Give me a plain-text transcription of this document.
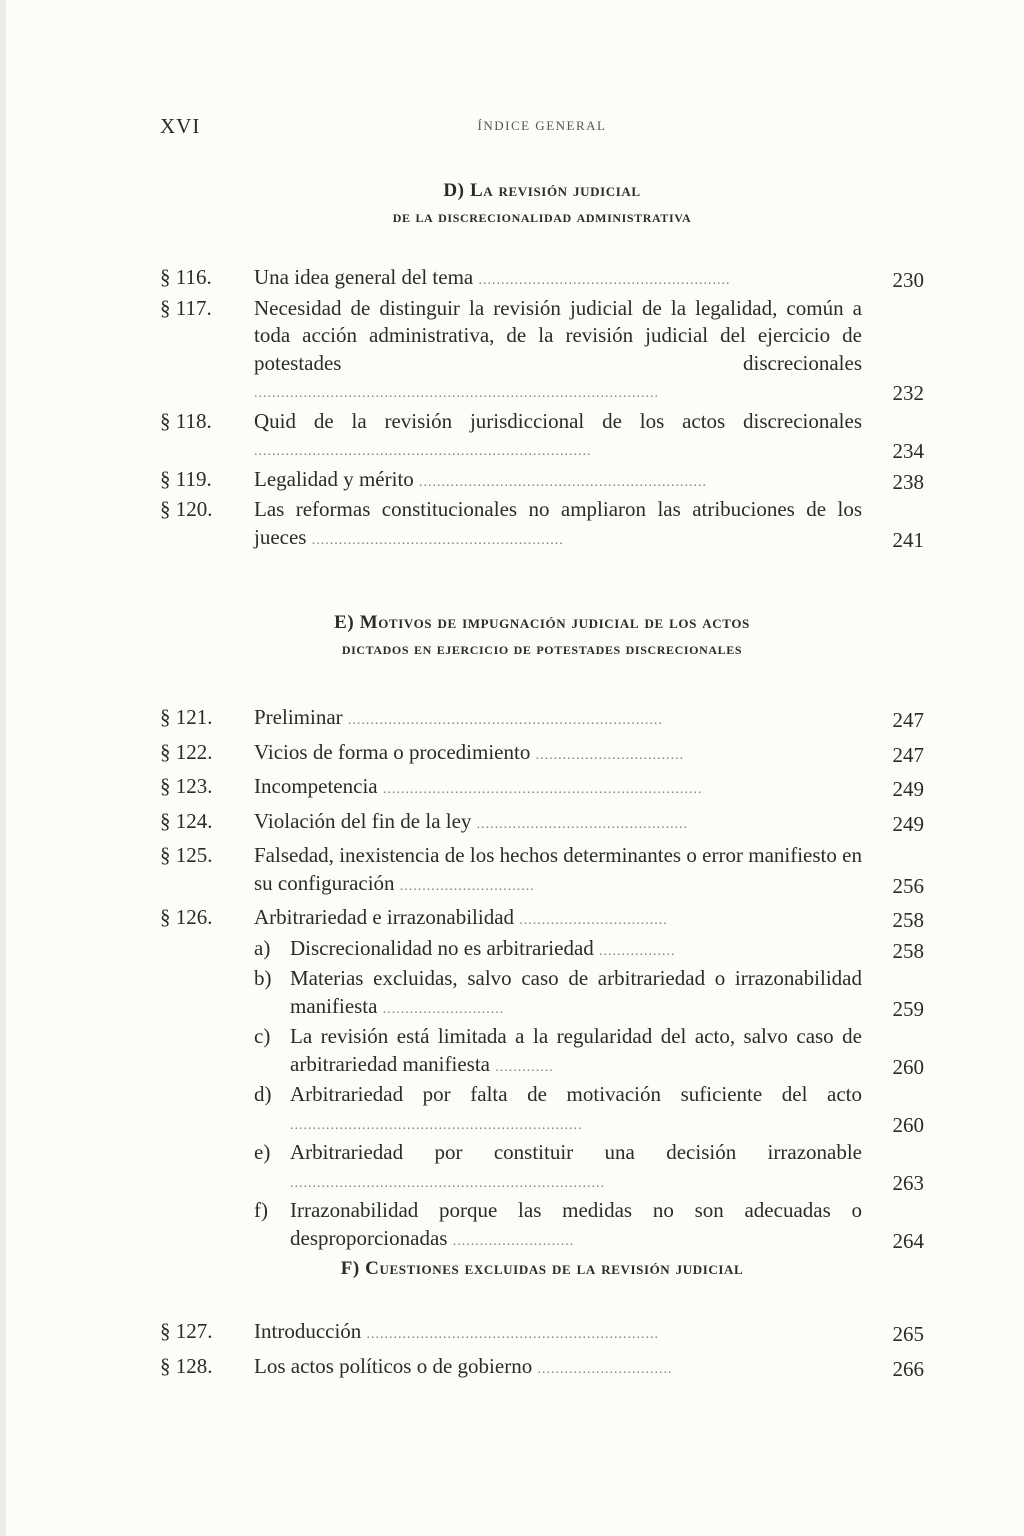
XVI	ÍNDICE GENERAL
D) La revisión judicial
de la discrecionalidad administrativa
§ 116.	Una idea general del tema ........................................................	230
§ 117.	Necesidad de distinguir la revisión judicial de la legalidad, común a toda acción administrativa, de la revisión judicial del ejercicio de potestades discrecionales ..........................................................................................	232
§ 118.	Quid de la revisión jurisdiccional de los actos discrecionales ...........................................................................	234
§ 119.	Legalidad y mérito ................................................................	238
§ 120.	Las reformas constitucionales no ampliaron las atribuciones de los jueces ........................................................	241
E) Motivos de impugnación judicial de los actos
dictados en ejercicio de potestades discrecionales
§ 121.	Preliminar ......................................................................	247
§ 122.	Vicios de forma o procedimiento .................................	247
§ 123.	Incompetencia .......................................................................	249
§ 124.	Violación del fin de la ley ...............................................	249
§ 125.	Falsedad, inexistencia de los hechos determinantes o error manifiesto en su configuración ..............................	256
§ 126.	Arbitrariedad e irrazonabilidad .................................	258
a) Discrecionalidad no es arbitrariedad .................	258
b) Materias excluidas, salvo caso de arbitrariedad o irrazonabilidad manifiesta ...........................	259
c) La revisión está limitada a la regularidad del acto, salvo caso de arbitrariedad manifiesta .............	260
d) Arbitrariedad por falta de motivación suficiente del acto .................................................................	260
e) Arbitrariedad por constituir una decisión irrazonable ......................................................................	263
f)	Irrazonabilidad porque las medidas no son adecuadas o desproporcionadas ...........................	264
F) Cuestiones excluidas de la revisión judicial
§ 127.	Introducción .................................................................	265
§ 128.	Los actos políticos o de gobierno ..............................	266
